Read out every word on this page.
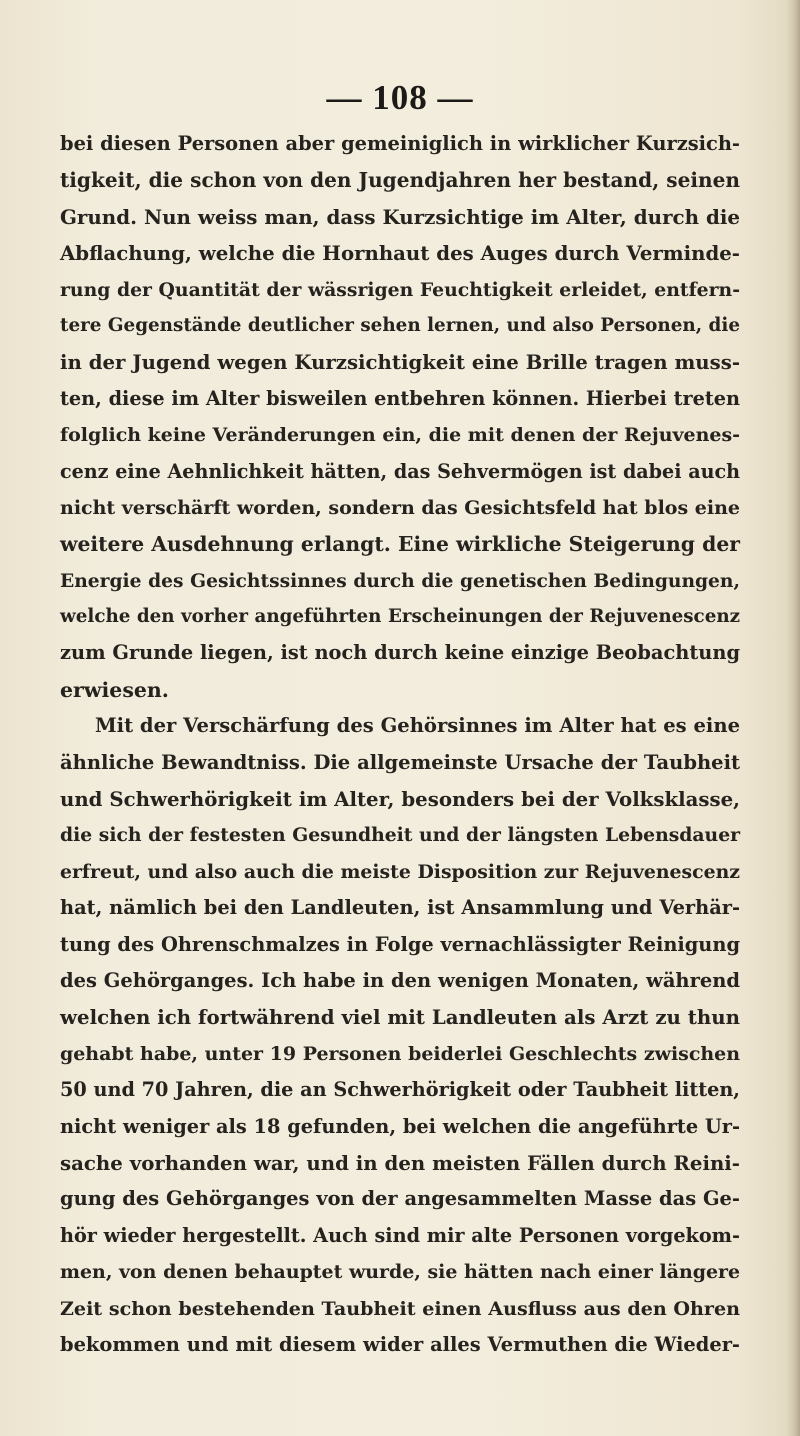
— 108 —
bei diesen Personen aber gemeiniglich in wirklicher Kurzsich-
tigkeit, die schon von den Jugendjahren her bestand, seinen
Grund. Nun weiss man, dass Kurzsichtige im Alter, durch die
Abflachung, welche die Hornhaut des Auges durch Verminde-
rung der Quantität der wässrigen Feuchtigkeit erleidet, entfern-
tere Gegenstände deutlicher sehen lernen, und also Personen, die
in der Jugend wegen Kurzsichtigkeit eine Brille tragen muss-
ten, diese im Alter bisweilen entbehren können. Hierbei treten
folglich keine Veränderungen ein, die mit denen der Rejuvenes-
cenz eine Aehnlichkeit hätten, das Sehvermögen ist dabei auch
nicht verschärft worden, sondern das Gesichtsfeld hat blos eine
weitere Ausdehnung erlangt. Eine wirkliche Steigerung der
Energie des Gesichtssinnes durch die genetischen Bedingungen,
welche den vorher angeführten Erscheinungen der Rejuvenescenz
zum Grunde liegen, ist noch durch keine einzige Beobachtung
erwiesen.
Mit der Verschärfung des Gehörsinnes im Alter hat es eine
ähnliche Bewandtniss. Die allgemeinste Ursache der Taubheit
und Schwerhörigkeit im Alter, besonders bei der Volksklasse,
die sich der festesten Gesundheit und der längsten Lebensdauer
erfreut, und also auch die meiste Disposition zur Rejuvenescenz
hat, nämlich bei den Landleuten, ist Ansammlung und Verhär-
tung des Ohrenschmalzes in Folge vernachlässigter Reinigung
des Gehörganges. Ich habe in den wenigen Monaten, während
welchen ich fortwährend viel mit Landleuten als Arzt zu thun
gehabt habe, unter 19 Personen beiderlei Geschlechts zwischen
50 und 70 Jahren, die an Schwerhörigkeit oder Taubheit litten,
nicht weniger als 18 gefunden, bei welchen die angeführte Ur-
sache vorhanden war, und in den meisten Fällen durch Reini-
gung des Gehörganges von der angesammelten Masse das Ge-
hör wieder hergestellt. Auch sind mir alte Personen vorgekom-
men, von denen behauptet wurde, sie hätten nach einer längere
Zeit schon bestehenden Taubheit einen Ausfluss aus den Ohren
bekommen und mit diesem wider alles Vermuthen die Wieder-
